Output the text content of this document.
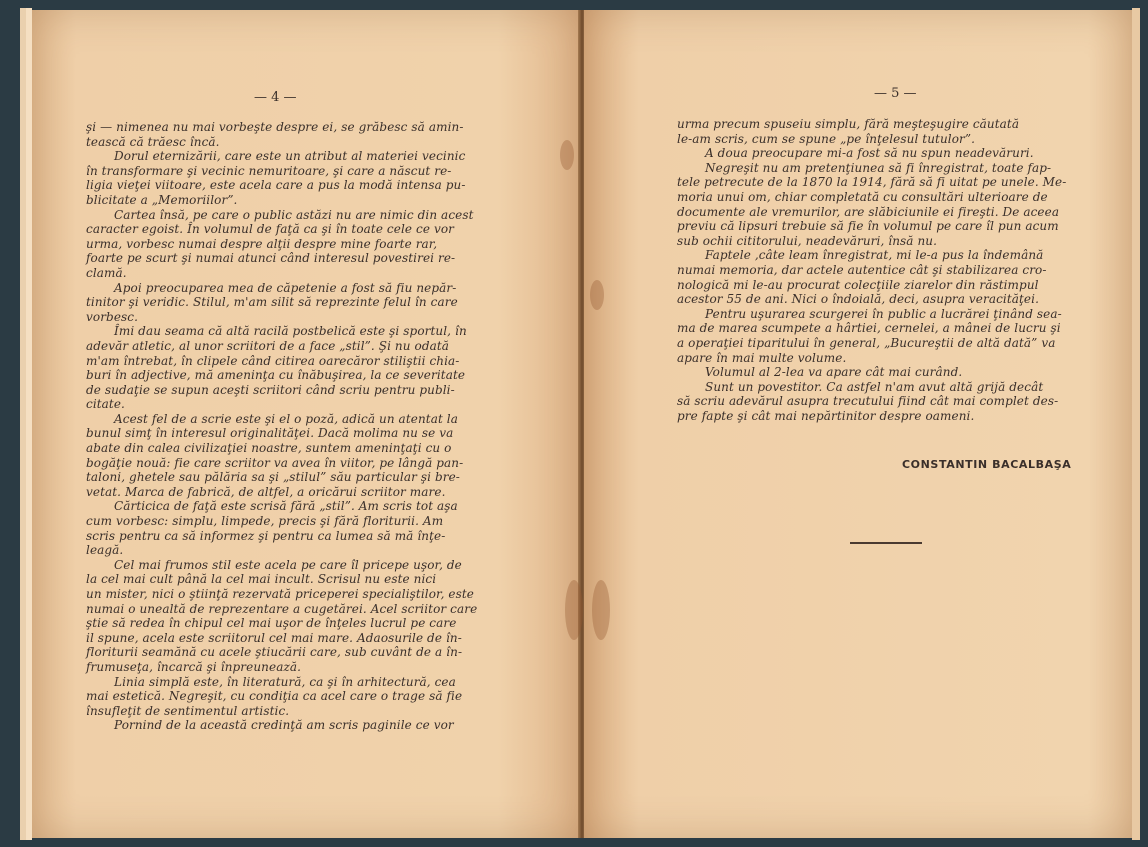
— 4 —

şi — nimenea nu mai vorbeşte despre ei, se grăbesc să amin-

tească că trăesc încă.

Dorul eternizării, care este un atribut al materiei vecinic

în transformare şi vecinic nemuritoare, şi care a născut re-

ligia vieţei viitoare, este acela care a pus la modă intensa pu-

blicitate a „Memoriilor”.

Cartea însă, pe care o public astăzi nu are nimic din acest

caracter egoist. În volumul de faţă ca şi în toate cele ce vor

urma, vorbesc numai despre alţii despre mine foarte rar,

foarte pe scurt şi numai atunci când interesul povestirei re-

clamă.

Apoi preocuparea mea de căpetenie a fost să fiu nepăr-

tinitor şi veridic. Stilul, m'am silit să reprezinte felul în care

vorbesc.

Îmi dau seama că altă racilă postbelică este şi sportul, în

adevăr atletic, al unor scriitori de a face „stil”. Şi nu odată

m'am întrebat, în clipele când citirea oarecăror stiliştii chia-

buri în adjective, mă ameninţa cu înăbuşirea, la ce severitate

de sudaţie se supun aceşti scriitori când scriu pentru publi-

citate.

Acest fel de a scrie este şi el o poză, adică un atentat la

bunul simţ în interesul originalităţei. Dacă molima nu se va

abate din calea civilizaţiei noastre, suntem ameninţaţi cu o

bogăţie nouă: fie care scriitor va avea în viitor, pe lângă pan-

taloni, ghetele sau pălăria sa şi „stilul” său particular şi bre-

vetat. Marca de fabrică, de altfel, a oricărui scriitor mare.

Cărticica de faţă este scrisă fără „stil”. Am scris tot aşa

cum vorbesc: simplu, limpede, precis şi fără floriturii. Am

scris pentru ca să informez şi pentru ca lumea să mă înţe-

leagă.

Cel mai frumos stil este acela pe care îl pricepe uşor, de

la cel mai cult până la cel mai incult. Scrisul nu este nici

un mister, nici o ştiinţă rezervată priceperei specialiştilor, este

numai o unealtă de reprezentare a cugetărei. Acel scriitor care

ştie să redea în chipul cel mai uşor de înţeles lucrul pe care

il spune, acela este scriitorul cel mai mare. Adaosurile de în-

floriturii seamănă cu acele ştiucării care, sub cuvânt de a în-

frumuseţa, încarcă şi înpreunează.

Linia simplă este, în literatură, ca şi în arhitectură, cea

mai estetică. Negreşit, cu condiţia ca acel care o trage să fie

însufleţit de sentimentul artistic.

Pornind de la această credinţă am scris paginile ce vor

— 5 —

urma precum spuseiu simplu, fără meşteşugire căutată

le-am scris, cum se spune „pe înţelesul tutulor”.

A doua preocupare mi-a fost să nu spun neadevăruri.

Negreşit nu am pretenţiunea să fi înregistrat, toate fap-

tele petrecute de la 1870 la 1914, fără să fi uitat pe unele. Me-

moria unui om, chiar completată cu consultări ulterioare de

documente ale vremurilor, are slăbiciunile ei fireşti. De aceea

previu că lipsuri trebuie să fie în volumul pe care îl pun acum

sub ochii cititorului, neadevăruri, însă nu.

Faptele ,câte leam înregistrat, mi le-a pus la îndemână

numai memoria, dar actele autentice cât şi stabilizarea cro-

nologică mi le-au procurat colecţiile ziarelor din răstimpul

acestor 55 de ani. Nici o îndoială, deci, asupra veracităţei.

Pentru uşurarea scurgerei în public a lucrărei ţinând sea-

ma de marea scumpete a hârtiei, cernelei, a mânei de lucru şi

a operaţiei tiparitului în general, „Bucureştii de altă dată” va

apare în mai multe volume.

Volumul al 2-lea va apare cât mai curând.

Sunt un povestitor. Ca astfel n'am avut altă grijă decât

să scriu adevărul asupra trecutului fiind cât mai complet des-

pre fapte şi cât mai nepărtinitor despre oameni.

CONSTANTIN BACALBAŞA
